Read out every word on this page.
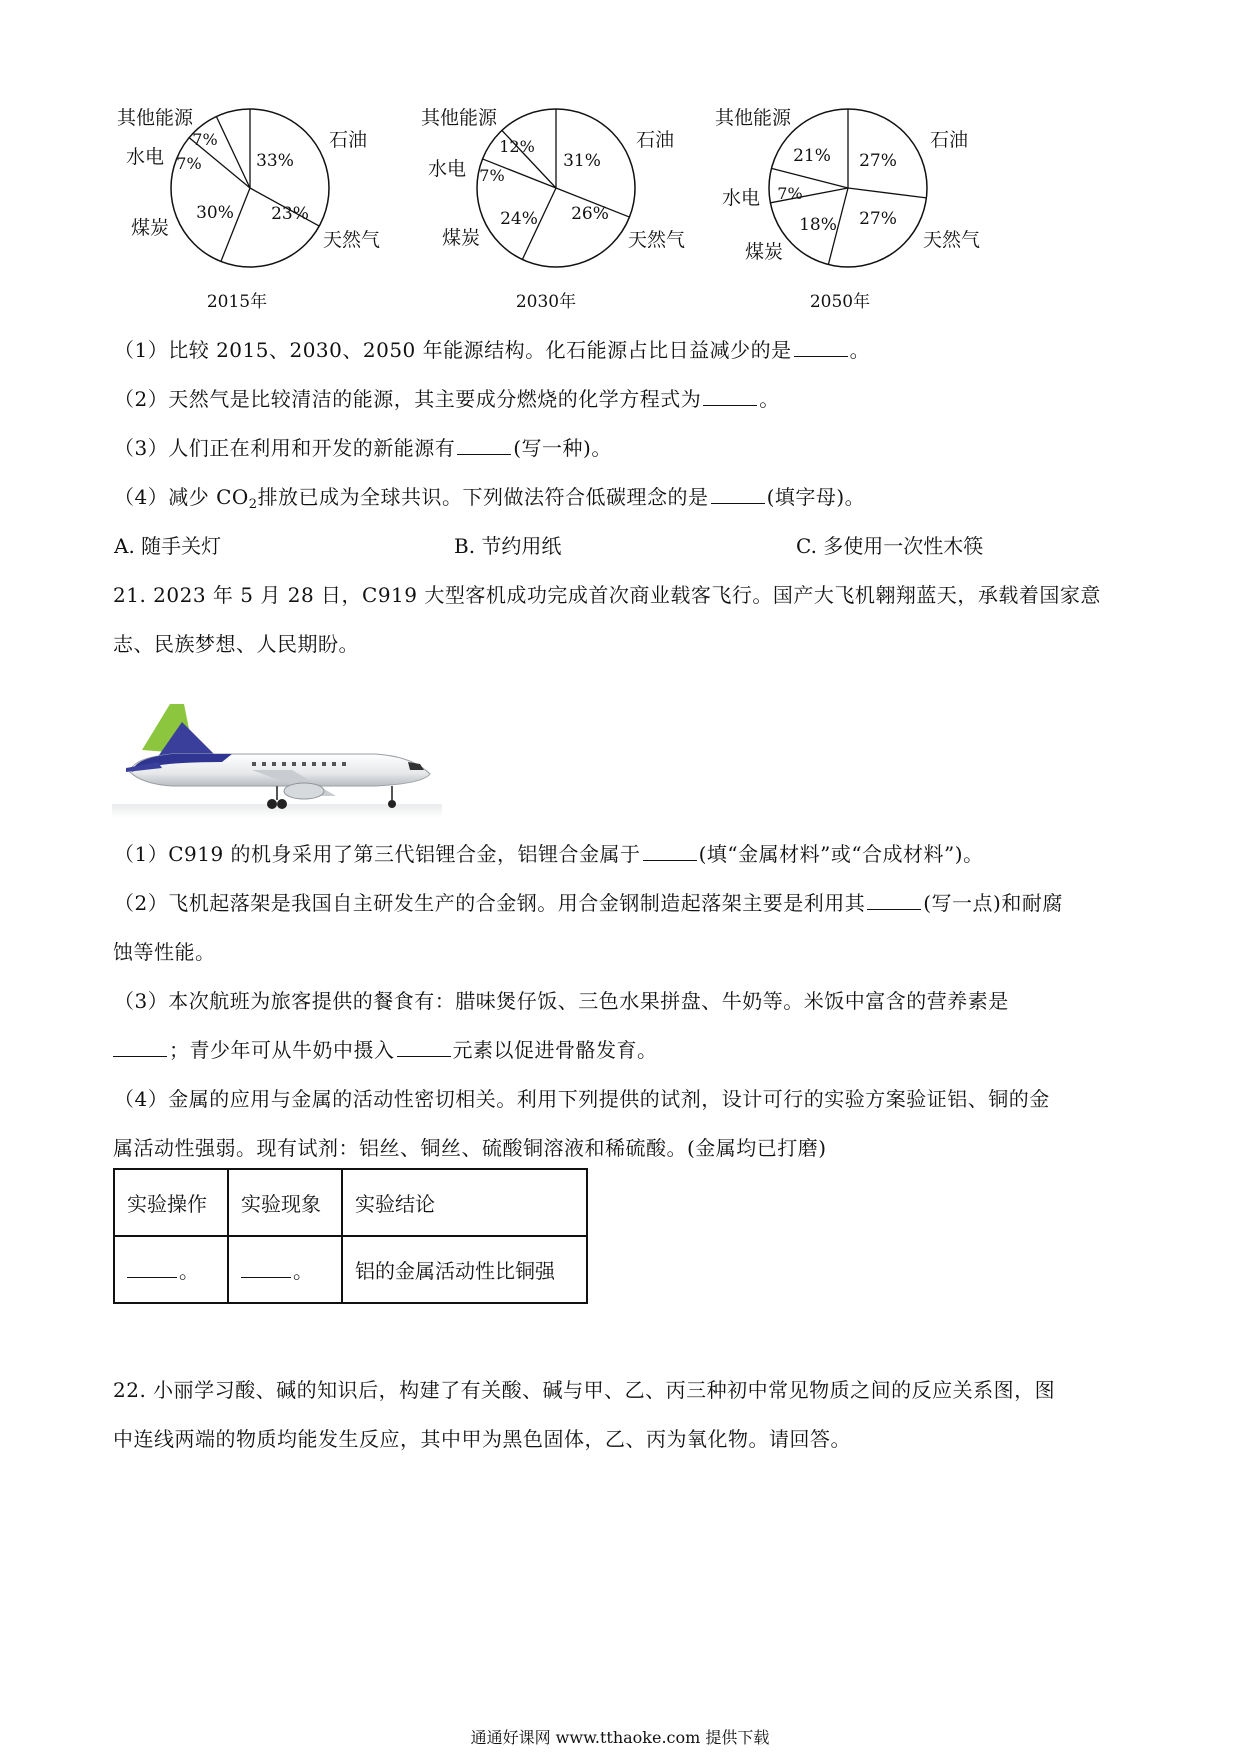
33%
23%
30%
7%
7%
其他能源
石油
水电
煤炭
天然气
2015年
31%
26%
24%
7%
12%
其他能源
石油
水电
煤炭	天然气
2030年
27%
27%
18%
7%
21%
其他能源
石油
水电
煤炭
天然气
2050年
（1）比较 2015、2030、2050 年能源结构。化石能源占比日益减少的是	。
（2）天然气是比较清洁的能源，其主要成分燃烧的化学方程式为	。
（3）人们正在利用和开发的新能源有	(写一种)。
（4）减少 $CO_2$排放已成为全球共识。下列做法符合低碳理念的是	(填字母)。
A. 随手关灯	B. 节约用纸	C. 多使用一次性木筷
21. 2023 年 5 月 28 日，C919 大型客机成功完成首次商业载客飞行。国产大飞机翱翔蓝天，承载着国家意
志、民族梦想、人民期盼。
（1）C919 的机身采用了第三代铝锂合金，铝锂合金属于	(填“金属材料”或“合成材料”)。
（2）飞机起落架是我国自主研发生产的合金钢。用合金钢制造起落架主要是利用其	(写一点)和耐腐
蚀等性能。
（3）本次航班为旅客提供的餐食有：腊味煲仔饭、三色水果拼盘、牛奶等。米饭中富含的营养素是
；青少年可从牛奶中摄入	元素以促进骨骼发育。
（4）金属的应用与金属的活动性密切相关。利用下列提供的试剂，设计可行的实验方案验证铝、铜的金
属活动性强弱。现有试剂：铝丝、铜丝、硫酸铜溶液和稀硫酸。(金属均已打磨)
实验操作	实验现象	实验结论
。	。	铝的金属活动性比铜强
22. 小丽学习酸、碱的知识后，构建了有关酸、碱与甲、乙、丙三种初中常见物质之间的反应关系图，图
中连线两端的物质均能发生反应，其中甲为黑色固体，乙、丙为氧化物。请回答。
通通好课网 www.tthaoke.com 提供下载
